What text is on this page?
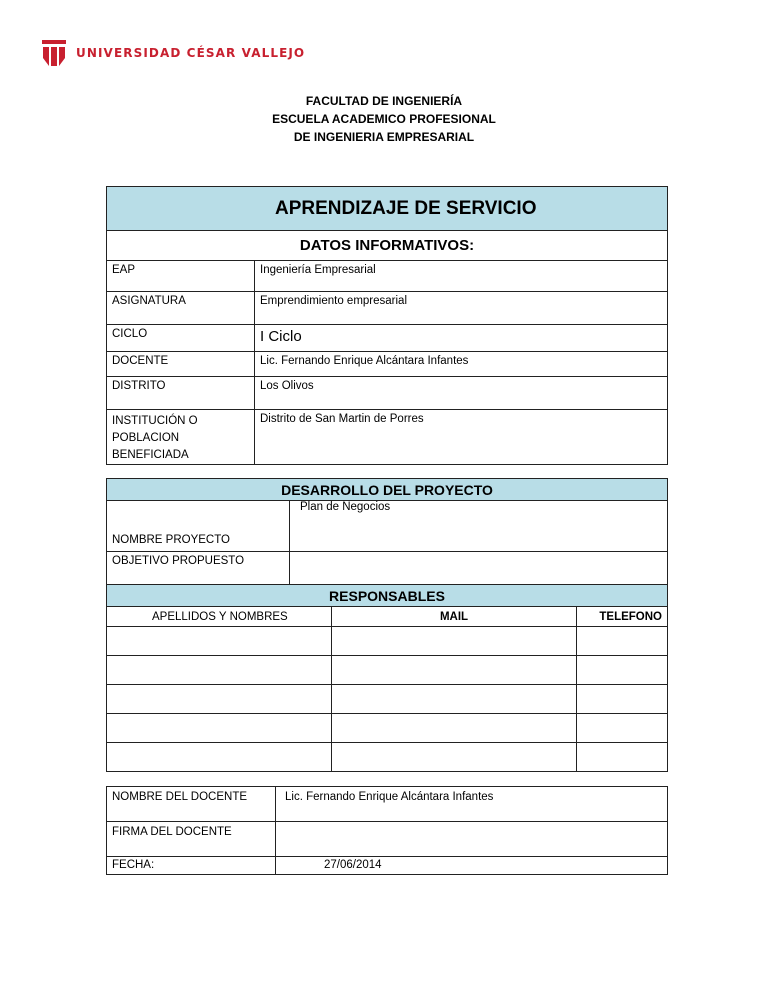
UNIVERSIDAD CÉSAR VALLEJO
FACULTAD DE INGENIERÍA
ESCUELA ACADEMICO PROFESIONAL
DE INGENIERIA EMPRESARIAL
APRENDIZAJE DE SERVICIO	
DATOS INFORMATIVOS:	
EAP	Ingeniería Empresarial
ASIGNATURA	Emprendimiento empresarial
CICLO	I Ciclo
DOCENTE	Lic. Fernando Enrique Alcántara Infantes
DISTRITO	Los Olivos

INSTITUCIÓN O
POBLACION
BENEFICIADA	Distrito de San Martin de Porres
DESARROLLO DEL PROYECTO			
NOMBRE PROYECTO	Plan de Negocios		
OBJETIVO PROPUESTO			
RESPONSABLES			
APELLIDOS Y NOMBRES		MAIL	TELEFONO

NOMBRE DEL DOCENTE	Lic. Fernando Enrique Alcántara Infantes
FIRMA DEL DOCENTE	
FECHA:	27/06/2014
